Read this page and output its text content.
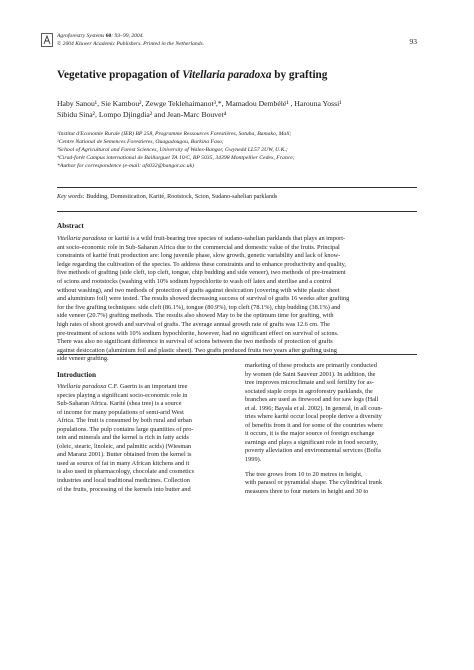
Agroforestry Systems 60: 93–99, 2004.
© 2004 Kluwer Academic Publishers. Printed in the Netherlands.	93
Vegetative propagation of Vitellaria paradoxa by grafting
Haby Sanou¹, Sie Kambou², Zewge Teklehaimanot³,*, Mamadou Dembélé¹ , Harouna Yossi¹
Sibidu Sina², Lompo Djingdia² and Jean-Marc Bouvet⁴
¹Institut d'Economie Rurale (IER) BP 258, Programme Ressources Forestières, Sotuba, Bamako, Mali;
²Centre National de Semences Forestieres, Ouagadougou, Burkina Faso;
³School of Agricultural and Forest Sciences, University of Wales-Bangor, Gwynedd LL57 2UW, U.K.;
⁴Cirad-forêt Campus international de Baillarguet TA 10/C, BP 5035, 34398 Montpellier Cedex, France;
*Author for correspondence (e-mail: afs032@bangor.ac.uk)
Key words: Budding, Domestication, Karité, Rootstock, Scion, Sudano-sahelian parklands
Abstract
Vitellaria paradoxa or karité is a wild fruit-bearing tree species of sudano-sahelian parklands that plays an import-
ant socio-economic role in Sub-Saharan Africa due to the commercial and domestic value of the fruits. Principal
constraints of karité fruit production are: long juvenile phase, slow growth, genetic variability and lack of know-
ledge regarding the cultivation of the species. To address these constraints and to enhance productivity and quality,
five methods of grafting (side cleft, top cleft, tongue, chip budding and side veneer), two methods of pre-treatment
of scions and rootstocks (washing with 10% sodium hypochlorite to wash off latex and sterilise and a control
without washing), and two methods of protection of grafts against desiccation (covering with white plastic sheet
and aluminium foil) were tested. The results showed decreasing success of survival of grafts 16 weeks after grafting
for the five grafting techniques: side cleft (86.1%), tongue (80.9%), top cleft (78.1%), chip budding (38.1%) and
side veneer (20.7%) grafting methods. The results also showed May to be the optimum time for grafting, with
high rates of shoot growth and survival of grafts. The average annual growth rate of grafts was 12.6 cm. The
pre-treatment of scions with 10% sodium hypochlorite, however, had no significant effect on survival of scions.
There was also no significant difference in survival of scions between the two methods of protection of grafts
against desiccation (aluminium foil and plastic sheet). Two grafts produced fruits two years after grafting using
side veneer grafting.
Introduction
Vitellaria paradoxa C.F. Gaertn is an important tree
species playing a significant socio-economic role in
Sub-Saharan Africa. Karité (shea tree) is a source
of income for many populations of semi-arid West
Africa. The fruit is consumed by both rural and urban
populations. The pulp contains large quantities of pro-
tein and minerals and the kernel is rich in fatty acids
(oleic, stearic, linoleic, and palmitic acids) (Wiesman
and Maranz 2001). Butter obtained from the kernel is
used as source of fat in many African kitchens and it
is also used in pharmacology, chocolate and cosmetics
industries and local traditional medicines. Collection
of the fruits, processing of the kernels into butter and
marketing of these products are primarily conducted
by women (de Saint Sauveur 2001). In addition, the
tree improves microclimate and soil fertility for as-
sociated staple crops in agroforestry parklands, the
branches are used as firewood and for saw logs (Hall
et al. 1996; Bayala et al. 2002). In general, in all coun-
tries where karité occur local people derive a diversity
of benefits from it and for some of the countries where
it occurs, it is the major source of foreign exchange
earnings and plays a significant role in food security,
poverty alleviation and environmental services (Boffa
1999).
The tree grows from 10 to 20 metres in height,
with parasol or pyramidal shape. The cylindrical trunk
measures three to four meters in height and 30 to
